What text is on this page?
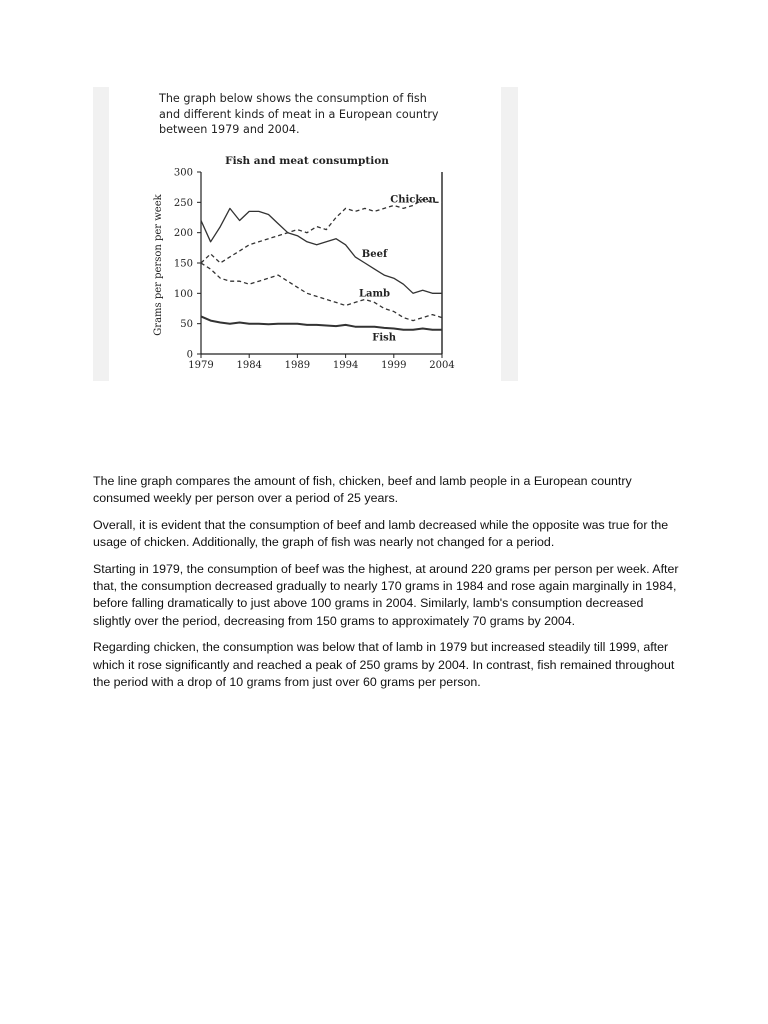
The graph below shows the consumption of fish
and different kinds of meat in a European country
between 1979 and 2004.
Fish and meat consumption
Grams per person per week
0
50
100
150
200
250
300
1979 1984 1989 1994 1999 2004
Chicken
Beef
Lamb
Fish

The line graph compares the amount of fish, chicken, beef and lamb people in a European country consumed weekly per person over a period of 25 years.

Overall, it is evident that the consumption of beef and lamb decreased while the opposite was true for the usage of chicken. Additionally, the graph of fish was nearly not changed for a period.

Starting in 1979, the consumption of beef was the highest, at around 220 grams per person per week. After that, the consumption decreased gradually to nearly 170 grams in 1984 and rose again marginally in 1984, before falling dramatically to just above 100 grams in 2004. Similarly, lamb's consumption decreased slightly over the period, decreasing from 150 grams to approximately 70 grams by 2004.

Regarding chicken, the consumption was below that of lamb in 1979 but increased steadily till 1999, after which it rose significantly and reached a peak of 250 grams by 2004. In contrast, fish remained throughout the period with a drop of 10 grams from just over 60 grams per person.
